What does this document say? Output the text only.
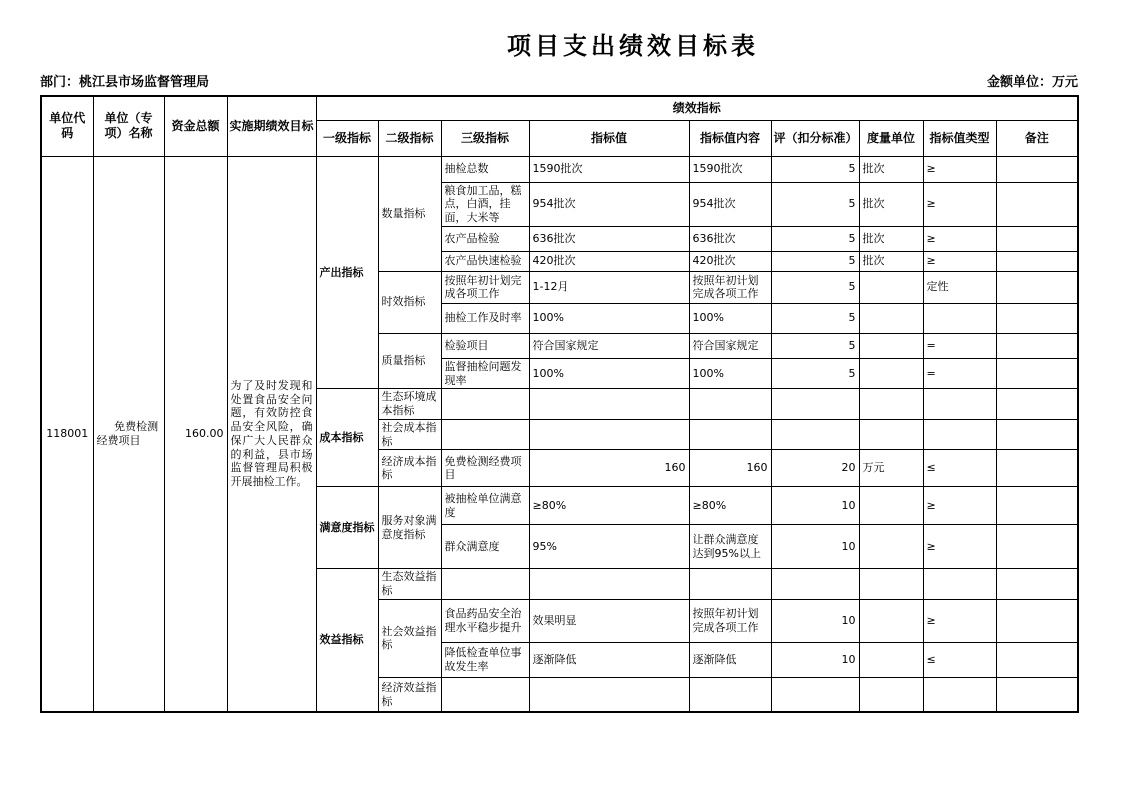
项目支出绩效目标表
部门：桃江县市场监督管理局	金额单位：万元
单位代码	单位（专项）名称	资金总额	实施期绩效目标	绩效指标								
				一级指标	二级指标	三级指标	指标值	指标值内容	评（扣分标准）	度量单位	指标值类型	备注
118001	免费检测经费项目	160.00	为了及时发现和处置食品安全问题，有效防控食品安全风险，确保广大人民群众的利益，县市场监督管理局积极开展抽检工作。	产出指标	数量指标	抽检总数	1590批次	1590批次	5	批次	≥	
						粮食加工品，糕点，白酒，挂面，大米等	954批次	954批次	5	批次	≥	
						农产品检验	636批次	636批次	5	批次	≥	
						农产品快速检验	420批次	420批次	5	批次	≥	
					时效指标	按照年初计划完成各项工作	1-12月	按照年初计划完成各项工作	5		定性	
						抽检工作及时率	100%	100%	5			
					质量指标	检验项目	符合国家规定	符合国家规定	5		=	
						监督抽检问题发现率	100%	100%	5		=	
				成本指标	生态环境成本指标							
					社会成本指标							
					经济成本指标	免费检测经费项目	160	160	20	万元	≤	
				满意度指标	服务对象满意度指标	被抽检单位满意度	≥80%	≥80%	10		≥	
						群众满意度	95%	让群众满意度达到95%以上	10		≥	
				效益指标	生态效益指标							
					社会效益指标	食品药品安全治理水平稳步提升	效果明显	按照年初计划完成各项工作	10		≥	
						降低检查单位事故发生率	逐渐降低	逐渐降低	10		≤	
					经济效益指标							
